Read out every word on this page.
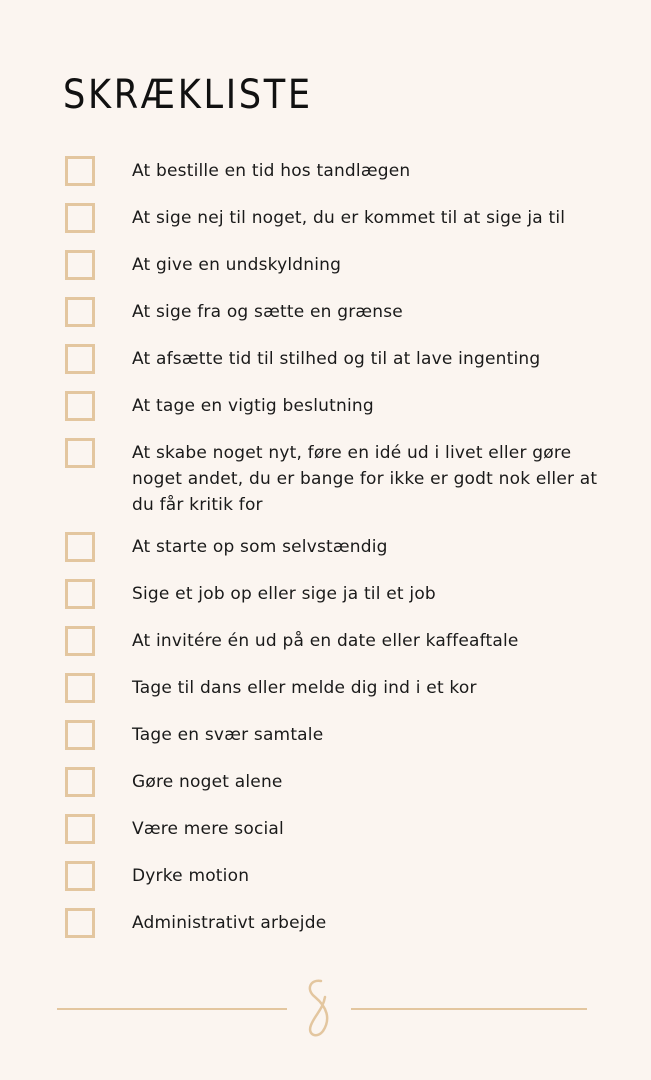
SKRÆKLISTE
At bestille en tid hos tandlægen
At sige nej til noget, du er kommet til at sige ja til
At give en undskyldning
At sige fra og sætte en grænse
At afsætte tid til stilhed og til at lave ingenting
At tage en vigtig beslutning
At skabe noget nyt, føre en idé ud i livet eller gøre noget andet, du er bange for ikke er godt nok eller at du får kritik for
At starte op som selvstændig
Sige et job op eller sige ja til et job
At invitére én ud på en date eller kaffeaftale
Tage til dans eller melde dig ind i et kor
Tage en svær samtale
Gøre noget alene
Være mere social
Dyrke motion
Administrativt arbejde
